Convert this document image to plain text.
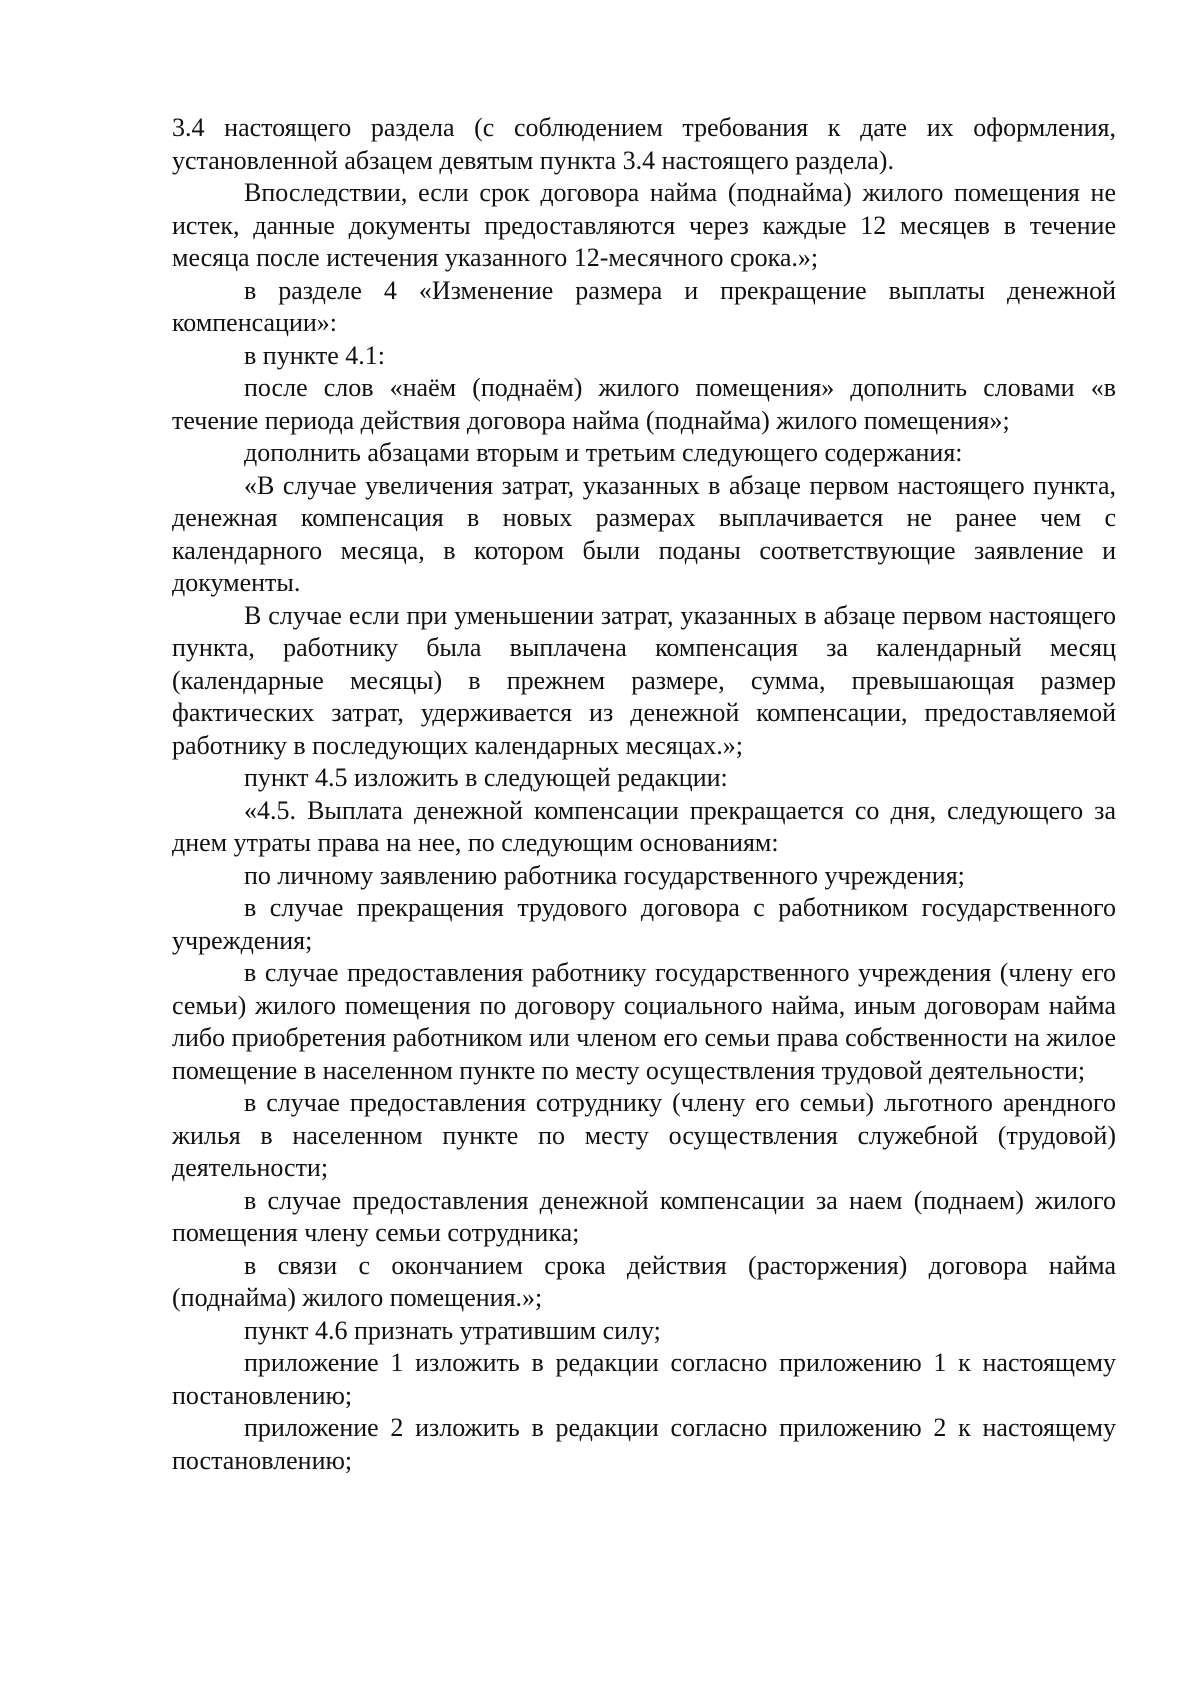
3.4 настоящего раздела (с соблюдением требования к дате их оформления, установленной абзацем девятым пункта 3.4 настоящего раздела).

Впоследствии, если срок договора найма (поднайма) жилого помещения не истек, данные документы предоставляются через каждые 12 месяцев в течение месяца после истечения указанного 12-месячного срока.»;

в разделе 4 «Изменение размера и прекращение выплаты денежной компенсации»:

в пункте 4.1:

после слов «наём (поднаём) жилого помещения» дополнить словами «в течение периода действия договора найма (поднайма) жилого помещения»;

дополнить абзацами вторым и третьим следующего содержания:

«В случае увеличения затрат, указанных в абзаце первом настоящего пункта, денежная компенсация в новых размерах выплачивается не ранее чем с календарного месяца, в котором были поданы соответствующие заявление и документы.

В случае если при уменьшении затрат, указанных в абзаце первом настоящего пункта, работнику была выплачена компенсация за календарный месяц (календарные месяцы) в прежнем размере, сумма, превышающая размер фактических затрат, удерживается из денежной компенсации, предоставляемой работнику в последующих календарных месяцах.»;

пункт 4.5 изложить в следующей редакции:

«4.5. Выплата денежной компенсации прекращается со дня, следующего за днем утраты права на нее, по следующим основаниям:

по личному заявлению работника государственного учреждения;

в случае прекращения трудового договора с работником государственного учреждения;

в случае предоставления работнику государственного учреждения (члену его семьи) жилого помещения по договору социального найма, иным договорам найма либо приобретения работником или членом его семьи права собственности на жилое помещение в населенном пункте по месту осуществления трудовой деятельности;

в случае предоставления сотруднику (члену его семьи) льготного арендного жилья в населенном пункте по месту осуществления служебной (трудовой) деятельности;

в случае предоставления денежной компенсации за наем (поднаем) жилого помещения члену семьи сотрудника;

в связи с окончанием срока действия (расторжения) договора найма (поднайма) жилого помещения.»;

пункт 4.6 признать утратившим силу;

приложение 1 изложить в редакции согласно приложению 1 к настоящему постановлению;

приложение 2 изложить в редакции согласно приложению 2 к настоящему постановлению;
